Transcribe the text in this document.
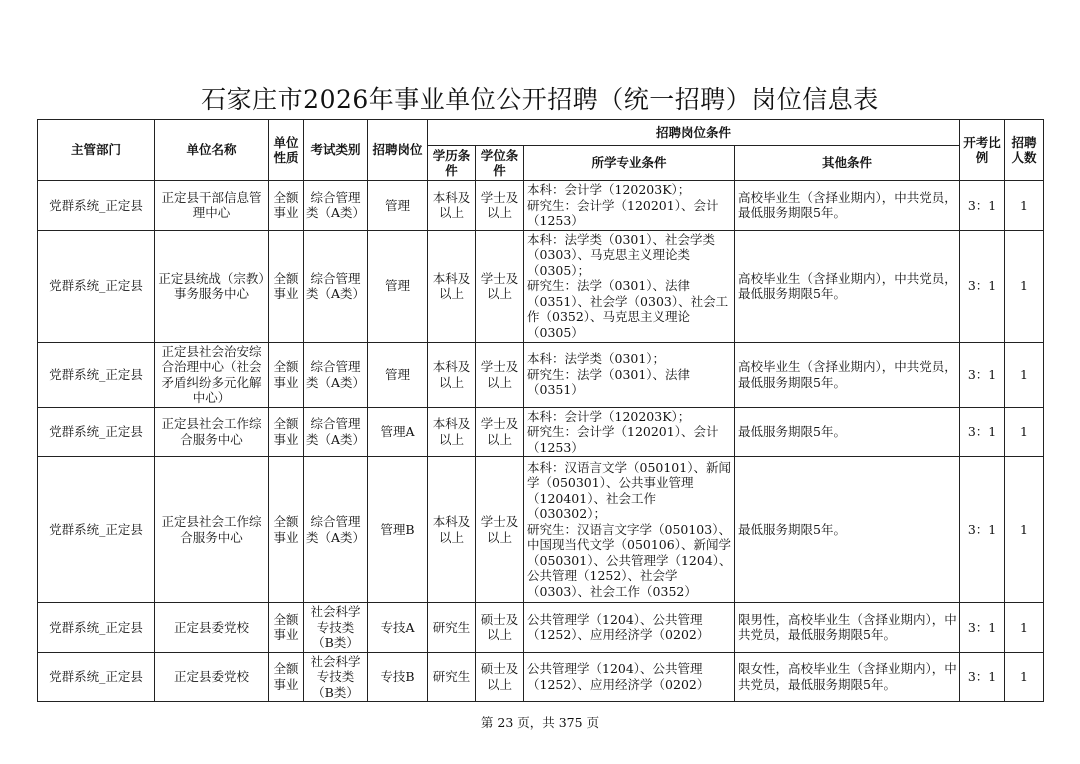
石家庄市2026年事业单位公开招聘（统一招聘）岗位信息表
主管部门	单位名称	单位性质	考试类别	招聘岗位	招聘岗位条件				开考比例	招聘人数
					学历条件	学位条件	所学专业条件	其他条件		
党群系统_正定县	正定县干部信息管理中心	全额事业	综合管理类（A类）	管理	本科及以上	学士及以上	本科：会计学（120203K）；
研究生：会计学（120201）、会计（1253）	高校毕业生（含择业期内），中共党员，最低服务期限5年。	3：1	1
党群系统_正定县	正定县统战（宗教）事务服务中心	全额事业	综合管理类（A类）	管理	本科及以上	学士及以上	本科：法学类（0301）、社会学类（0303）、马克思主义理论类（0305）；
研究生：法学（0301）、法律（0351）、社会学（0303）、社会工作（0352）、马克思主义理论（0305）	高校毕业生（含择业期内），中共党员，最低服务期限5年。	3：1	1
党群系统_正定县	正定县社会治安综合治理中心（社会矛盾纠纷多元化解中心）	全额事业	综合管理类（A类）	管理	本科及以上	学士及以上	本科：法学类（0301）；
研究生：法学（0301）、法律（0351）	高校毕业生（含择业期内），中共党员，最低服务期限5年。	3：1	1
党群系统_正定县	正定县社会工作综合服务中心	全额事业	综合管理类（A类）	管理A	本科及以上	学士及以上	本科：会计学（120203K）；
研究生：会计学（120201）、会计（1253）	最低服务期限5年。	3：1	1
党群系统_正定县	正定县社会工作综合服务中心	全额事业	综合管理类（A类）	管理B	本科及以上	学士及以上	本科：汉语言文学（050101）、新闻学（050301）、公共事业管理（120401）、社会工作（030302）；
研究生：汉语言文字学（050103）、中国现当代文学（050106）、新闻学（050301）、公共管理学（1204）、公共管理（1252）、社会学（0303）、社会工作（0352）	最低服务期限5年。	3：1	1
党群系统_正定县	正定县委党校	全额事业	社会科学专技类（B类）	专技A	研究生	硕士及以上	公共管理学（1204）、公共管理（1252）、应用经济学（0202）	限男性，高校毕业生（含择业期内），中共党员，最低服务期限5年。	3：1	1
党群系统_正定县	正定县委党校	全额事业	社会科学专技类（B类）	专技B	研究生	硕士及以上	公共管理学（1204）、公共管理（1252）、应用经济学（0202）	限女性，高校毕业生（含择业期内），中共党员，最低服务期限5年。	3：1	1
第 23 页，共 375 页
